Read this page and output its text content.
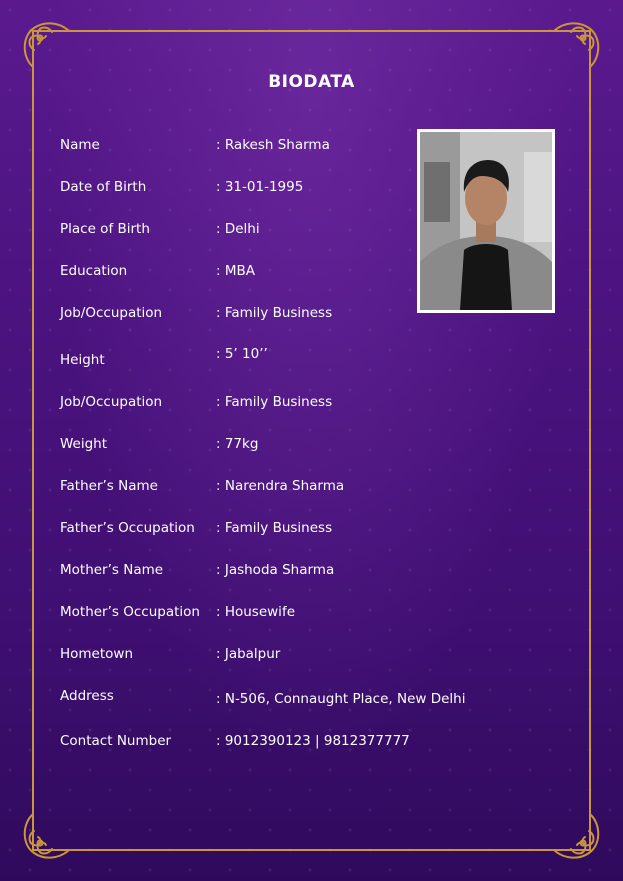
BIODATA
Name	: Rakesh Sharma
Date of Birth	: 31-01-1995
Place of Birth	: Delhi
Education	: MBA
Job/Occupation	: Family Business
Height	: 5’ 10’’
Job/Occupation	: Family Business
Weight	: 77kg
Father’s Name	: Narendra Sharma
Father’s Occupation : Family Business
Mother’s Name	: Jashoda Sharma
Mother’s Occupation : Housewife
Hometown	: Jabalpur
Address	: N-506, Connaught Place, New Delhi
Contact Number	: 9012390123 | 9812377777
